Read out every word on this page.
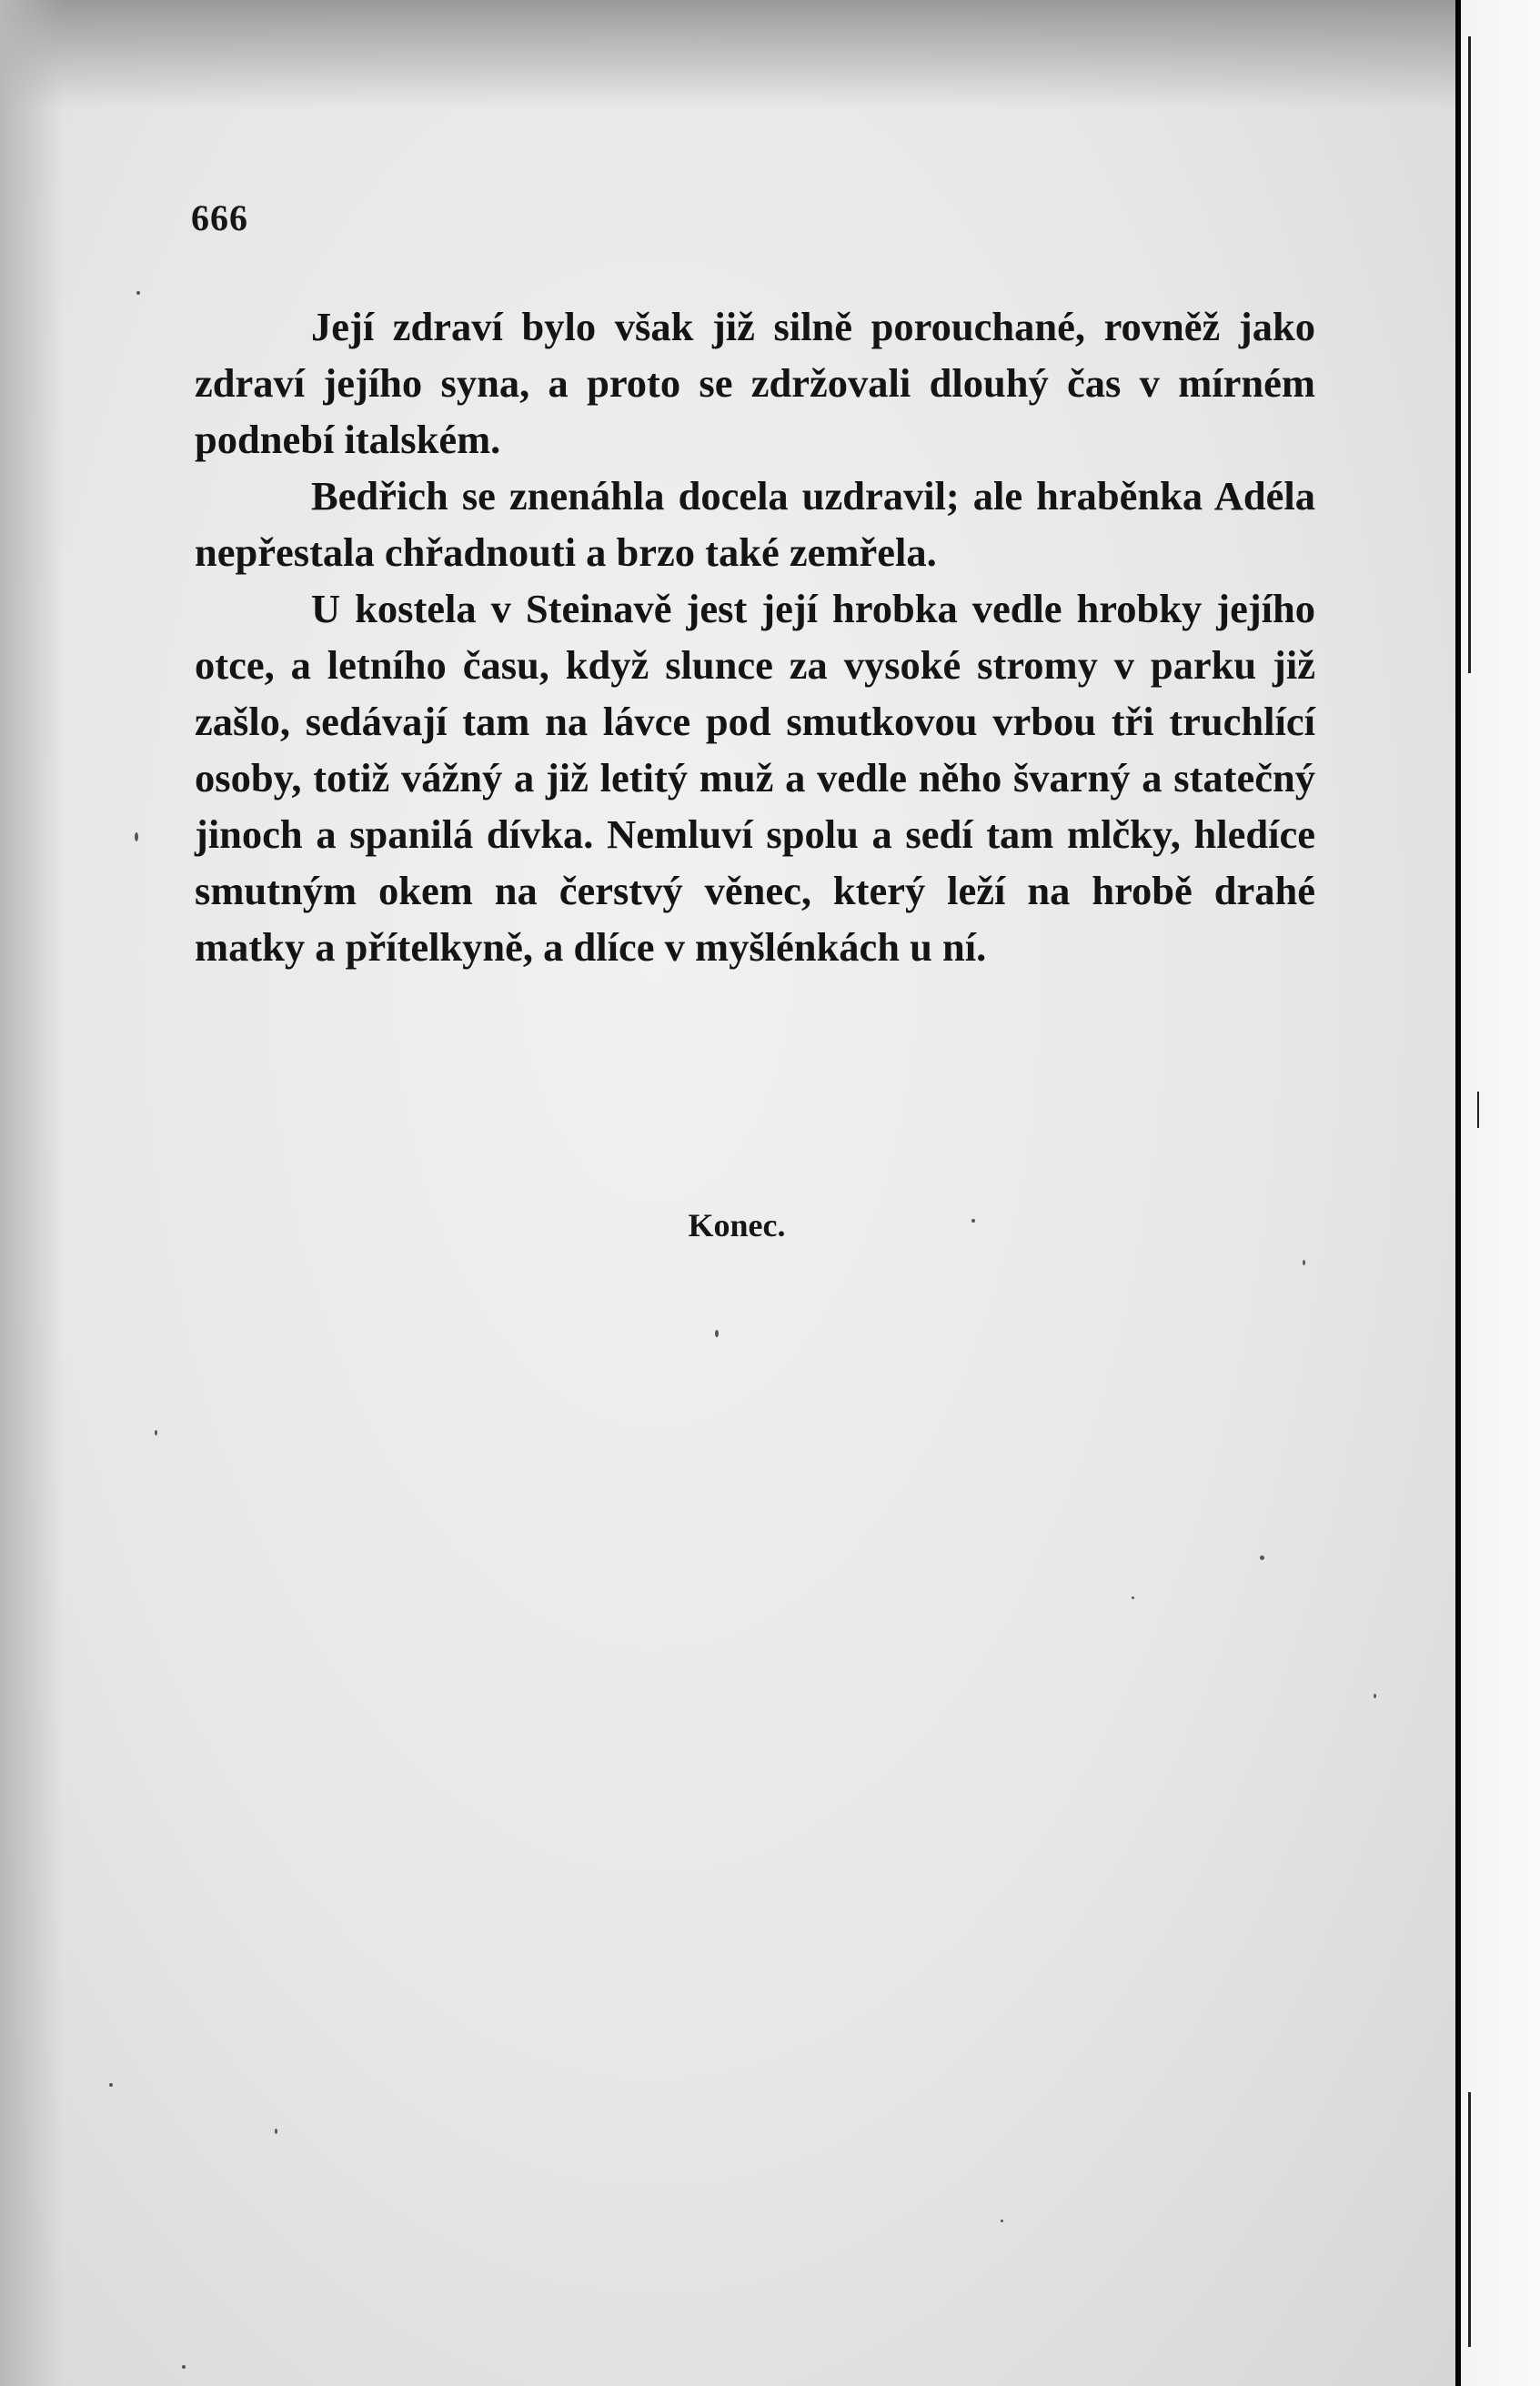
666

Její zdraví bylo však již silně porouchané, rovněž jako zdraví jejího syna, a proto se zdržovali dlouhý čas v mírném podnebí italském.

Bedřich se znenáhla docela uzdravil; ale hraběnka Adéla nepřestala chřadnouti a brzo také zemřela.

U kostela v Steinavě jest její hrobka vedle hrobky jejího otce, a letního času, když slunce za vysoké stromy v parku již zašlo, sedávají tam na lávce pod smutkovou vrbou tři truchlící osoby, totiž vážný a již letitý muž a vedle něho švarný a statečný jinoch a spanilá dívka. Nemluví spolu a sedí tam mlčky, hledíce smutným okem na čerstvý věnec, který leží na hrobě drahé matky a přítelkyně, a dlíce v myšlénkách u ní.

Konec.
